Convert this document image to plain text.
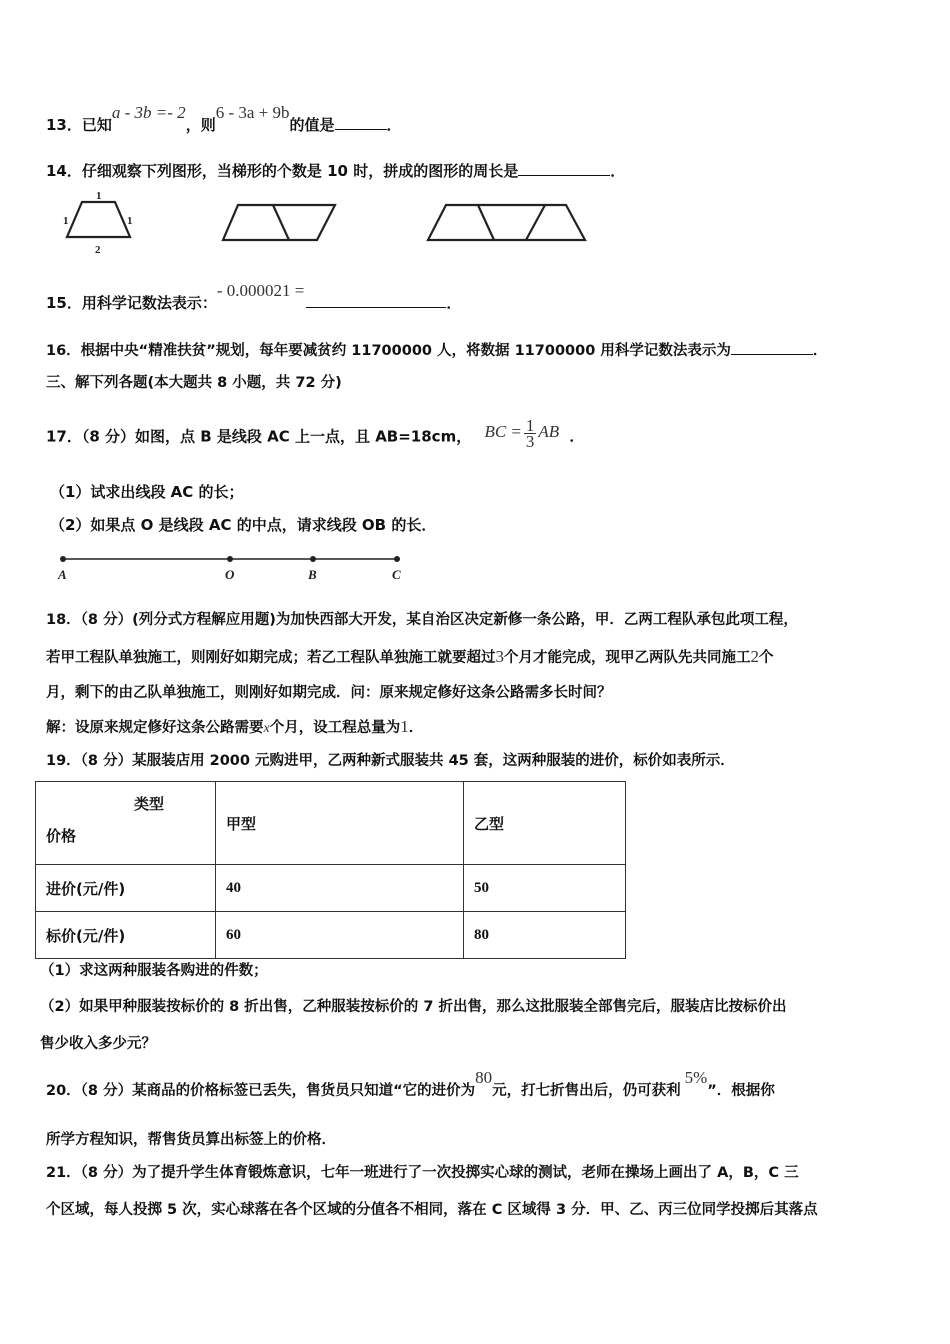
13．已知a - 3b =- 2，则6 - 3a + 9b的值是	．
14．仔细观察下列图形，当梯形的个数是 10 时，拼成的图形的周长是	．
1
1	1
2
15．用科学记数法表示：- 0.000021 =．
16．根据中央“精准扶贫”规划，每年要减贫约 11700000 人，将数据 11700000 用科学记数法表示为	．
三、解下列各题(本大题共 8 小题，共 72 分)
17．（8 分）如图，点 B 是线段 AC 上一点，且 AB=18cm， BC = $\frac{1}{3}$ AB ．
（1）试求出线段 AC 的长；
（2）如果点 O 是线段 AC 的中点，请求线段 OB 的长．
A	O	B	C
18．（8 分）(列分式方程解应用题)为加快西部大开发，某自治区决定新修一条公路，甲．乙两工程队承包此项工程，
若甲工程队单独施工，则刚好如期完成；若乙工程队单独施工就要超过3个月才能完成，现甲乙两队先共同施工2个
月，剩下的由乙队单独施工，则刚好如期完成．问：原来规定修好这条公路需多长时间？
解：设原来规定修好这条公路需要x个月，设工程总量为1．
19．（8 分）某服装店用 2000 元购进甲，乙两种新式服装共 45 套，这两种服装的进价，标价如表所示．
类型
价格	甲型	乙型
进价(元/件)	40	50
标价(元/件)	60	80
（1）求这两种服装各购进的件数；
（2）如果甲种服装按标价的 8 折出售，乙种服装按标价的 7 折出售，那么这批服装全部售完后，服装店比按标价出
售少收入多少元？
20．（8 分）某商品的价格标签已丢失，售货员只知道“它的进价为80元，打七折售出后，仍可获利5%”．根据你
所学方程知识，帮售货员算出标签上的价格．
21．（8 分）为了提升学生体育锻炼意识，七年一班进行了一次投掷实心球的测试，老师在操场上画出了 A，B，C 三
个区域，每人投掷 5 次，实心球落在各个区域的分值各不相同，落在 C 区域得 3 分．甲、乙、丙三位同学投掷后其落点
